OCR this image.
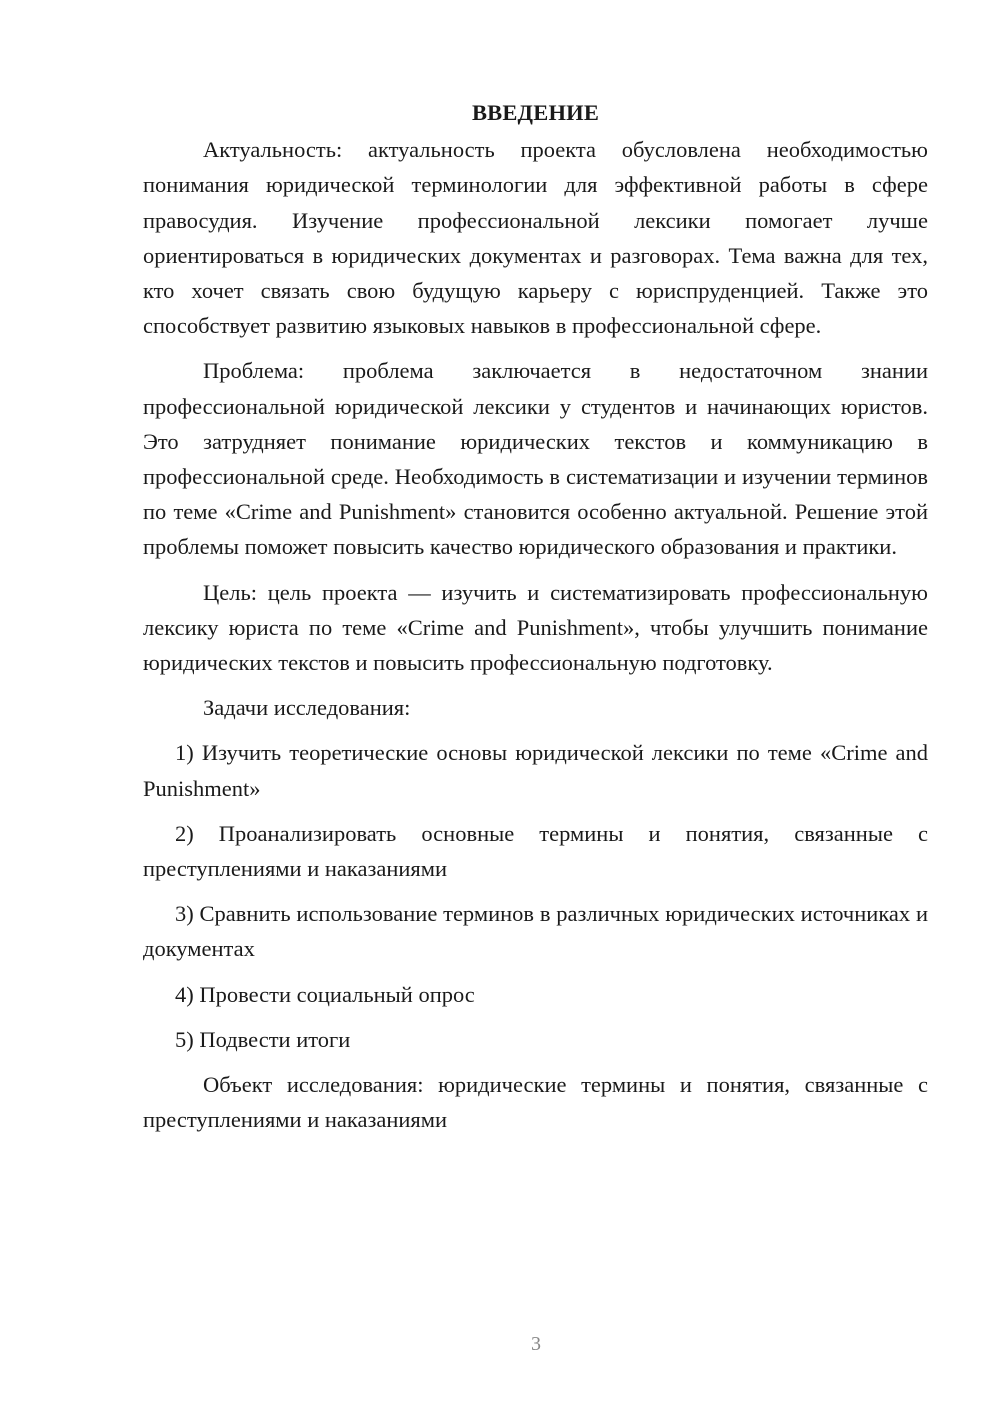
ВВЕДЕНИЕ

Актуальность: актуальность проекта обусловлена необходимостью понимания юридической терминологии для эффективной работы в сфере правосудия. Изучение профессиональной лексики помогает лучше ориентироваться в юридических документах и разговорах. Тема важна для тех, кто хочет связать свою будущую карьеру с юриспруденцией. Также это способствует развитию языковых навыков в профессиональной сфере.

Проблема: проблема заключается в недостаточном знании профессиональной юридической лексики у студентов и начинающих юристов. Это затрудняет понимание юридических текстов и коммуникацию в профессиональной среде. Необходимость в систематизации и изучении терминов по теме «Crime and Punishment» становится особенно актуальной. Решение этой проблемы поможет повысить качество юридического образования и практики.

Цель: цель проекта — изучить и систематизировать профессиональную лексику юриста по теме «Crime and Punishment», чтобы улучшить понимание юридических текстов и повысить профессиональную подготовку.

Задачи исследования:

1) Изучить теоретические основы юридической лексики по теме «Crime and Punishment»

2) Проанализировать основные термины и понятия, связанные с преступлениями и наказаниями

3) Сравнить использование терминов в различных юридических источниках и документах

4) Провести социальный опрос

5) Подвести итоги

Объект исследования: юридические термины и понятия, связанные с преступлениями и наказаниями

3
